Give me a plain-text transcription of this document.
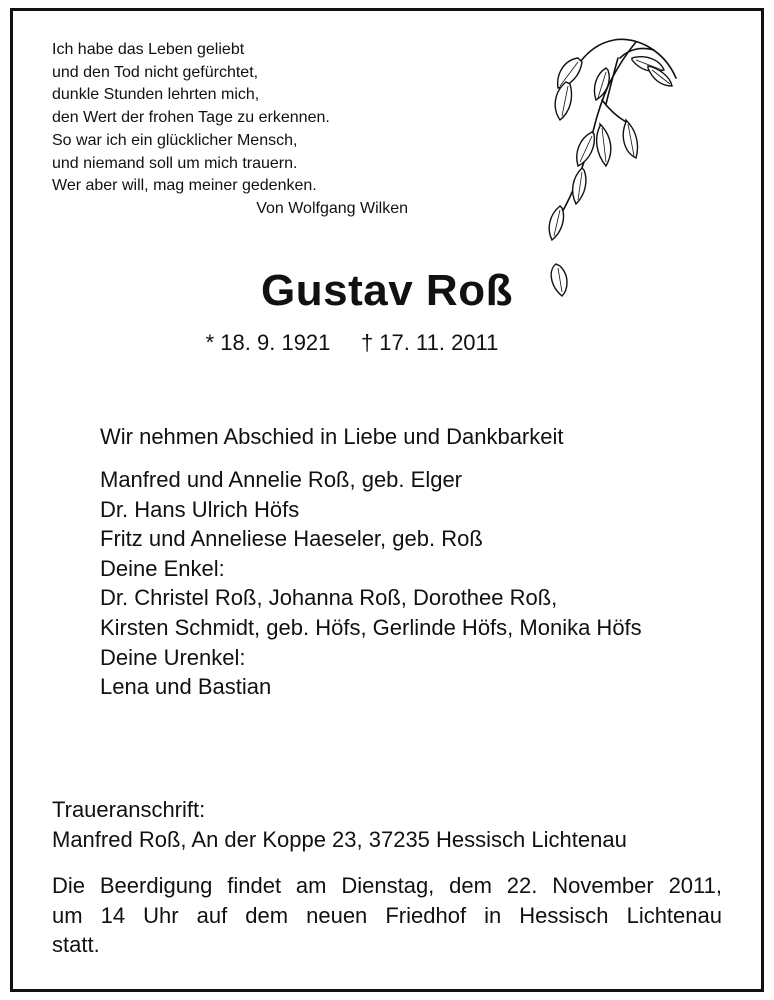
Ich habe das Leben geliebt
und den Tod nicht gefürchtet,
dunkle Stunden lehrten mich,
den Wert der frohen Tage zu erkennen.
So war ich ein glücklicher Mensch,
und niemand soll um mich trauern.
Wer aber will, mag meiner gedenken.
Von Wolfgang Wilken
Gustav Roß
* 18. 9. 1921     † 17. 11. 2011
Wir nehmen Abschied in Liebe und Dankbarkeit
Manfred und Annelie Roß, geb. Elger
Dr. Hans Ulrich Höfs
Fritz und Anneliese Haeseler, geb. Roß
Deine Enkel:
Dr. Christel Roß, Johanna Roß, Dorothee Roß,
Kirsten Schmidt, geb. Höfs, Gerlinde Höfs, Monika Höfs
Deine Urenkel:
Lena und Bastian
Traueranschrift:
Manfred Roß, An der Koppe 23, 37235 Hessisch Lichtenau
Die Beerdigung findet am Dienstag, dem 22. November 2011,
um 14 Uhr auf dem neuen Friedhof in Hessisch Lichtenau
statt.
